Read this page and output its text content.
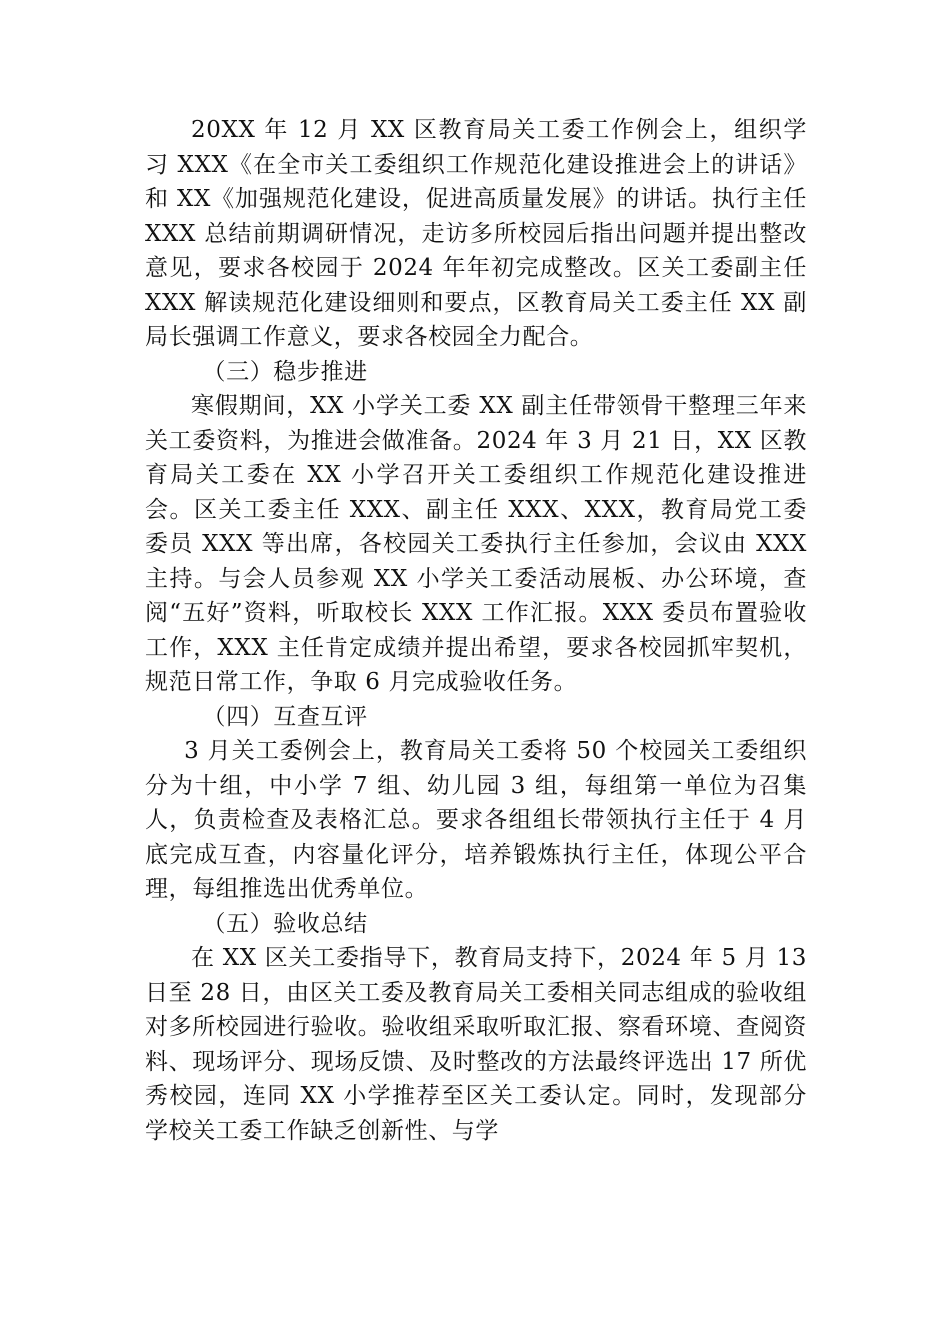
20XX 年 12 月 XX 区教育局关工委工作例会上，组织学习 XXX《在全市关工委组织工作规范化建设推进会上的讲话》和 XX《加强规范化建设，促进高质量发展》的讲话。执行主任 XXX 总结前期调研情况，走访多所校园后指出问题并提出整改意见，要求各校园于 2024 年年初完成整改。区关工委副主任 XXX 解读规范化建设细则和要点，区教育局关工委主任 XX 副局长强调工作意义，要求各校园全力配合。

（三）稳步推进

寒假期间，XX 小学关工委 XX 副主任带领骨干整理三年来关工委资料，为推进会做准备。2024 年 3 月 21 日，XX 区教育局关工委在 XX 小学召开关工委组织工作规范化建设推进会。区关工委主任 XXX、副主任 XXX、XXX，教育局党工委委员 XXX 等出席，各校园关工委执行主任参加，会议由 XXX 主持。与会人员参观 XX 小学关工委活动展板、办公环境，查阅“五好”资料，听取校长 XXX 工作汇报。XXX 委员布置验收工作，XXX 主任肯定成绩并提出希望，要求各校园抓牢契机，规范日常工作，争取 6 月完成验收任务。

（四）互查互评

3 月关工委例会上，教育局关工委将 50 个校园关工委组织分为十组，中小学 7 组、幼儿园 3 组，每组第一单位为召集人，负责检查及表格汇总。要求各组组长带领执行主任于 4 月底完成互查，内容量化评分，培养锻炼执行主任，体现公平合理，每组推选出优秀单位。

（五）验收总结

在 XX 区关工委指导下，教育局支持下，2024 年 5 月 13 日至 28 日，由区关工委及教育局关工委相关同志组成的验收组对多所校园进行验收。验收组采取听取汇报、察看环境、查阅资料、现场评分、现场反馈、及时整改的方法最终评选出 17 所优秀校园，连同 XX 小学推荐至区关工委认定。同时，发现部分学校关工委工作缺乏创新性、与学
